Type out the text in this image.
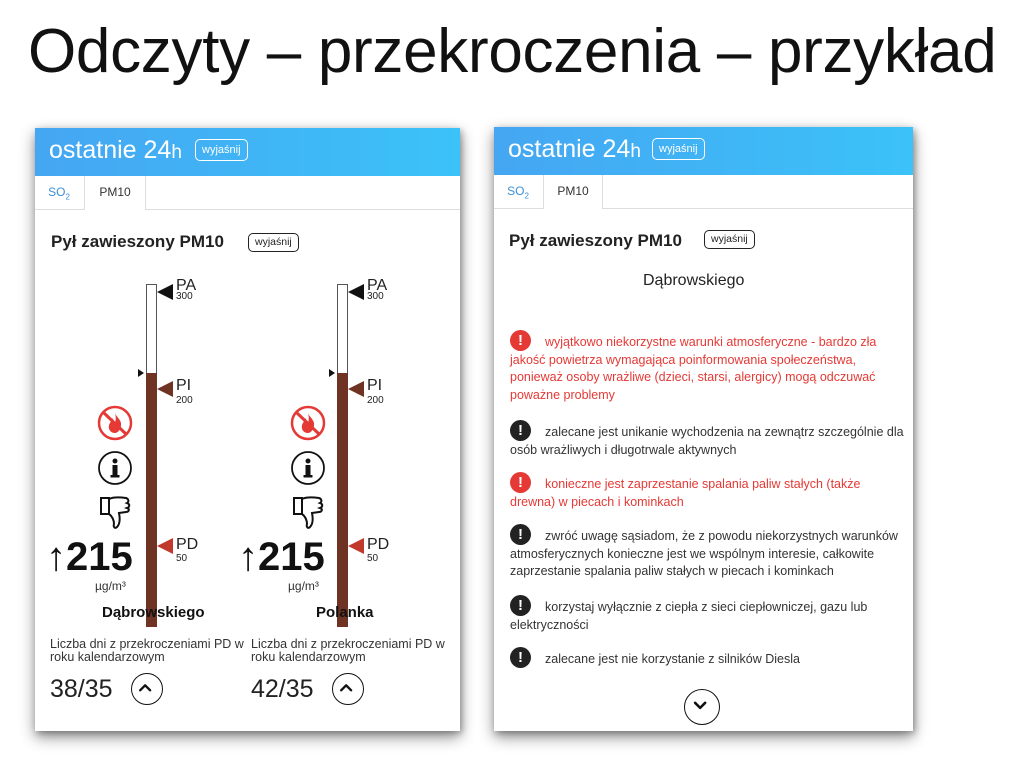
Odczyty – przekroczenia – przykład
ostatnie 24h	wyjaśnij
$SO_2$	PM10
Pył zawieszony PM10	wyjaśnij
PA
300
PI
200
PD
50
↑215
µg/m³
Dąbrowskiego
Liczba dni z przekroczeniami PD w roku kalendarzowym
38/35
PA
300
PI
200
PD
50
↑215
µg/m³
Polanka
Liczba dni z przekroczeniami PD w roku kalendarzowym
42/35
ostatnie 24h	wyjaśnij
$SO_2$	PM10
Pył zawieszony PM10	wyjaśnij
Dąbrowskiego
!wyjątkowo niekorzystne warunki atmosferyczne - bardzo zła jakość powietrza wymagająca poinformowania społeczeństwa, ponieważ osoby wrażliwe (dzieci, starsi, alergicy) mogą odczuwać poważne problemy
!zalecane jest unikanie wychodzenia na zewnątrz szczególnie dla osób wrażliwych i długotrwale aktywnych
!konieczne jest zaprzestanie spalania paliw stałych (także drewna) w piecach i kominkach
!zwróć uwagę sąsiadom, że z powodu niekorzystnych warunków atmosferycznych konieczne jest we wspólnym interesie, całkowite zaprzestanie spalania paliw stałych w piecach i kominkach
!korzystaj wyłącznie z ciepła z sieci ciepłowniczej, gazu lub elektryczności
!zalecane jest nie korzystanie z silników Diesla
